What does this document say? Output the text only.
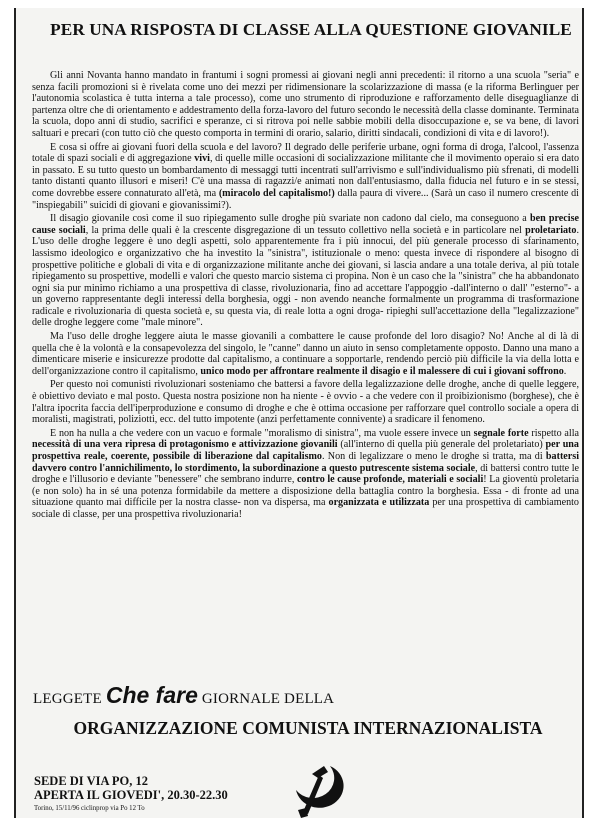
PER UNA RISPOSTA DI CLASSE ALLA QUESTIONE GIOVANILE

Gli anni Novanta hanno mandato in frantumi i sogni promessi ai giovani negli anni precedenti: il ritorno a una scuola "seria" e senza facili promozioni si è rivelata come uno dei mezzi per ridimensionare la scolarizzazione di massa (e la riforma Berlinguer per l'autonomia scolastica è tutta interna a tale processo), come uno strumento di riproduzione e rafforzamento delle diseguaglianze di partenza oltre che di orientamento e addestramento della forza-lavoro del futuro secondo le necessità della classe dominante. Terminata la scuola, dopo anni di studio, sacrifici e speranze, ci si ritrova poi nelle sabbie mobili della disoccupazione e, se va bene, di lavori saltuari e precari (con tutto ciò che questo comporta in termini di orario, salario, diritti sindacali, condizioni di vita e di lavoro!).

E cosa si offre ai giovani fuori della scuola e del lavoro? Il degrado delle periferie urbane, ogni forma di droga, l'alcool, l'assenza totale di spazi sociali e di aggregazione vivi, di quelle mille occasioni di socializzazione militante che il movimento operaio si era dato in passato. E su tutto questo un bombardamento di messaggi tutti incentrati sull'arrivismo e sull'individualismo più sfrenati, di modelli tanto distanti quanto illusori e miseri! C'è una massa di ragazzi/e animati non dall'entusiasmo, dalla fiducia nel futuro e in se stessi, come dovrebbe essere connaturato all'età, ma (miracolo del capitalismo!) dalla paura di vivere... (Sarà un caso il numero crescente di "inspiegabili" suicidi di giovani e giovanissimi?).

Il disagio giovanile così come il suo ripiegamento sulle droghe più svariate non cadono dal cielo, ma conseguono a ben precise cause sociali, la prima delle quali è la crescente disgregazione di un tessuto collettivo nella società e in particolare nel proletariato. L'uso delle droghe leggere è uno degli aspetti, solo apparentemente fra i più innocui, del più generale processo di sfarinamento, lassismo ideologico e organizzativo che ha investito la "sinistra", istituzionale o meno: questa invece di rispondere al bisogno di prospettive politiche e globali di vita e di organizzazione militante anche dei giovani, si lascia andare a una totale deriva, al più totale ripiegamento su prospettive, modelli e valori che questo marcio sistema ci propina. Non è un caso che la "sinistra" che ha abbandonato ogni sia pur minimo richiamo a una prospettiva di classe, rivoluzionaria, fino ad accettare l'appoggio -dall'interno o dall' "esterno"- a un governo rappresentante degli interessi della borghesia, oggi - non avendo neanche formalmente un programma di trasformazione radicale e rivoluzionaria di questa società e, su questa via, di reale lotta a ogni droga- ripieghi sull'accettazione della "legalizzazione" delle droghe leggere come "male minore".

Ma l'uso delle droghe leggere aiuta le masse giovanili a combattere le cause profonde del loro disagio? No! Anche al di là di quella che è la volontà e la consapevolezza del singolo, le "canne" danno un aiuto in senso completamente opposto. Danno una mano a dimenticare miserie e insicurezze prodotte dal capitalismo, a continuare a sopportarle, rendendo perciò più difficile la via della lotta e dell'organizzazione contro il capitalismo, unico modo per affrontare realmente il disagio e il malessere di cui i giovani soffrono.

Per questo noi comunisti rivoluzionari sosteniamo che battersi a favore della legalizzazione delle droghe, anche di quelle leggere, è obiettivo deviato e mal posto. Questa nostra posizione non ha niente - è ovvio - a che vedere con il proibizionismo (borghese), che è l'altra ipocrita faccia dell'iperproduzione e consumo di droghe e che è ottima occasione per rafforzare quel controllo sociale a opera di moralisti, magistrati, poliziotti, ecc. del tutto impotente (anzi perfettamente connivente) a sradicare il fenomeno.

E non ha nulla a che vedere con un vacuo e formale "moralismo di sinistra", ma vuole essere invece un segnale forte rispetto alla necessità di una vera ripresa di protagonismo e attivizzazione giovanili (all'interno di quella più generale del proletariato) per una prospettiva reale, coerente, possibile di liberazione dal capitalismo. Non di legalizzare o meno le droghe si tratta, ma di battersi davvero contro l'annichilimento, lo stordimento, la subordinazione a questo putrescente sistema sociale, di battersi contro tutte le droghe e l'illusorio e deviante "benessere" che sembrano indurre, contro le cause profonde, materiali e sociali! La gioventù proletaria (e non solo) ha in sé una potenza formidabile da mettere a disposizione della battaglia contro la borghesia. Essa - di fronte ad una situazione quanto mai difficile per la nostra classe- non va dispersa, ma organizzata e utilizzata per una prospettiva di cambiamento sociale di classe, per una prospettiva rivoluzionaria!

LEGGETE Che fare GIORNALE DELLA
ORGANIZZAZIONE COMUNISTA INTERNAZIONALISTA
SEDE DI VIA PO, 12
APERTA IL GIOVEDI', 20.30-22.30
Torino, 15/11/96 ciclinprop via Po 12 To
